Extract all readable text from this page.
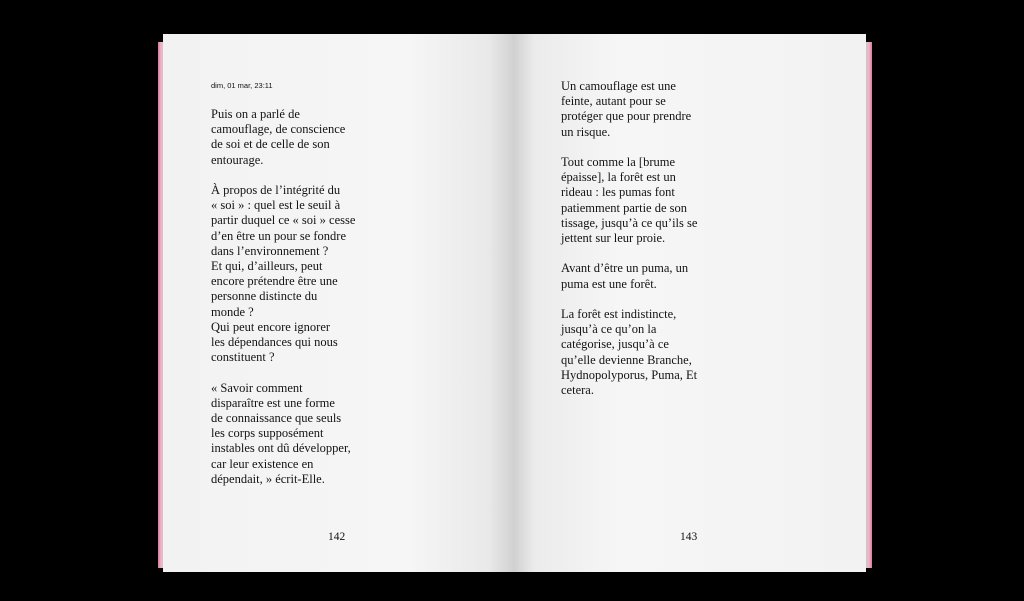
dim, 01 mar, 23:11

Puis on a parlé de
camouflage, de conscience
de soi et de celle de son
entourage.

À propos de l’intégrité du
« soi » : quel est le seuil à
partir duquel ce « soi » cesse
d’en être un pour se fondre
dans l’environnement ?
Et qui, d’ailleurs, peut
encore prétendre être une
personne distincte du
monde ?
Qui peut encore ignorer
les dépendances qui nous
constituent ?

« Savoir comment
disparaître est une forme
de connaissance que seuls
les corps supposément
instables ont dû développer,
car leur existence en
dépendait, » écrit-Elle.

142

Un camouflage est une
feinte, autant pour se
protéger que pour prendre
un risque.

Tout comme la [brume
épaisse], la forêt est un
rideau : les pumas font
patiemment partie de son
tissage, jusqu’à ce qu’ils se
jettent sur leur proie.

Avant d’être un puma, un
puma est une forêt.

La forêt est indistincte,
jusqu’à ce qu’on la
catégorise, jusqu’à ce
qu’elle devienne Branche,
Hydnopolyporus, Puma, Et
cetera.

143
